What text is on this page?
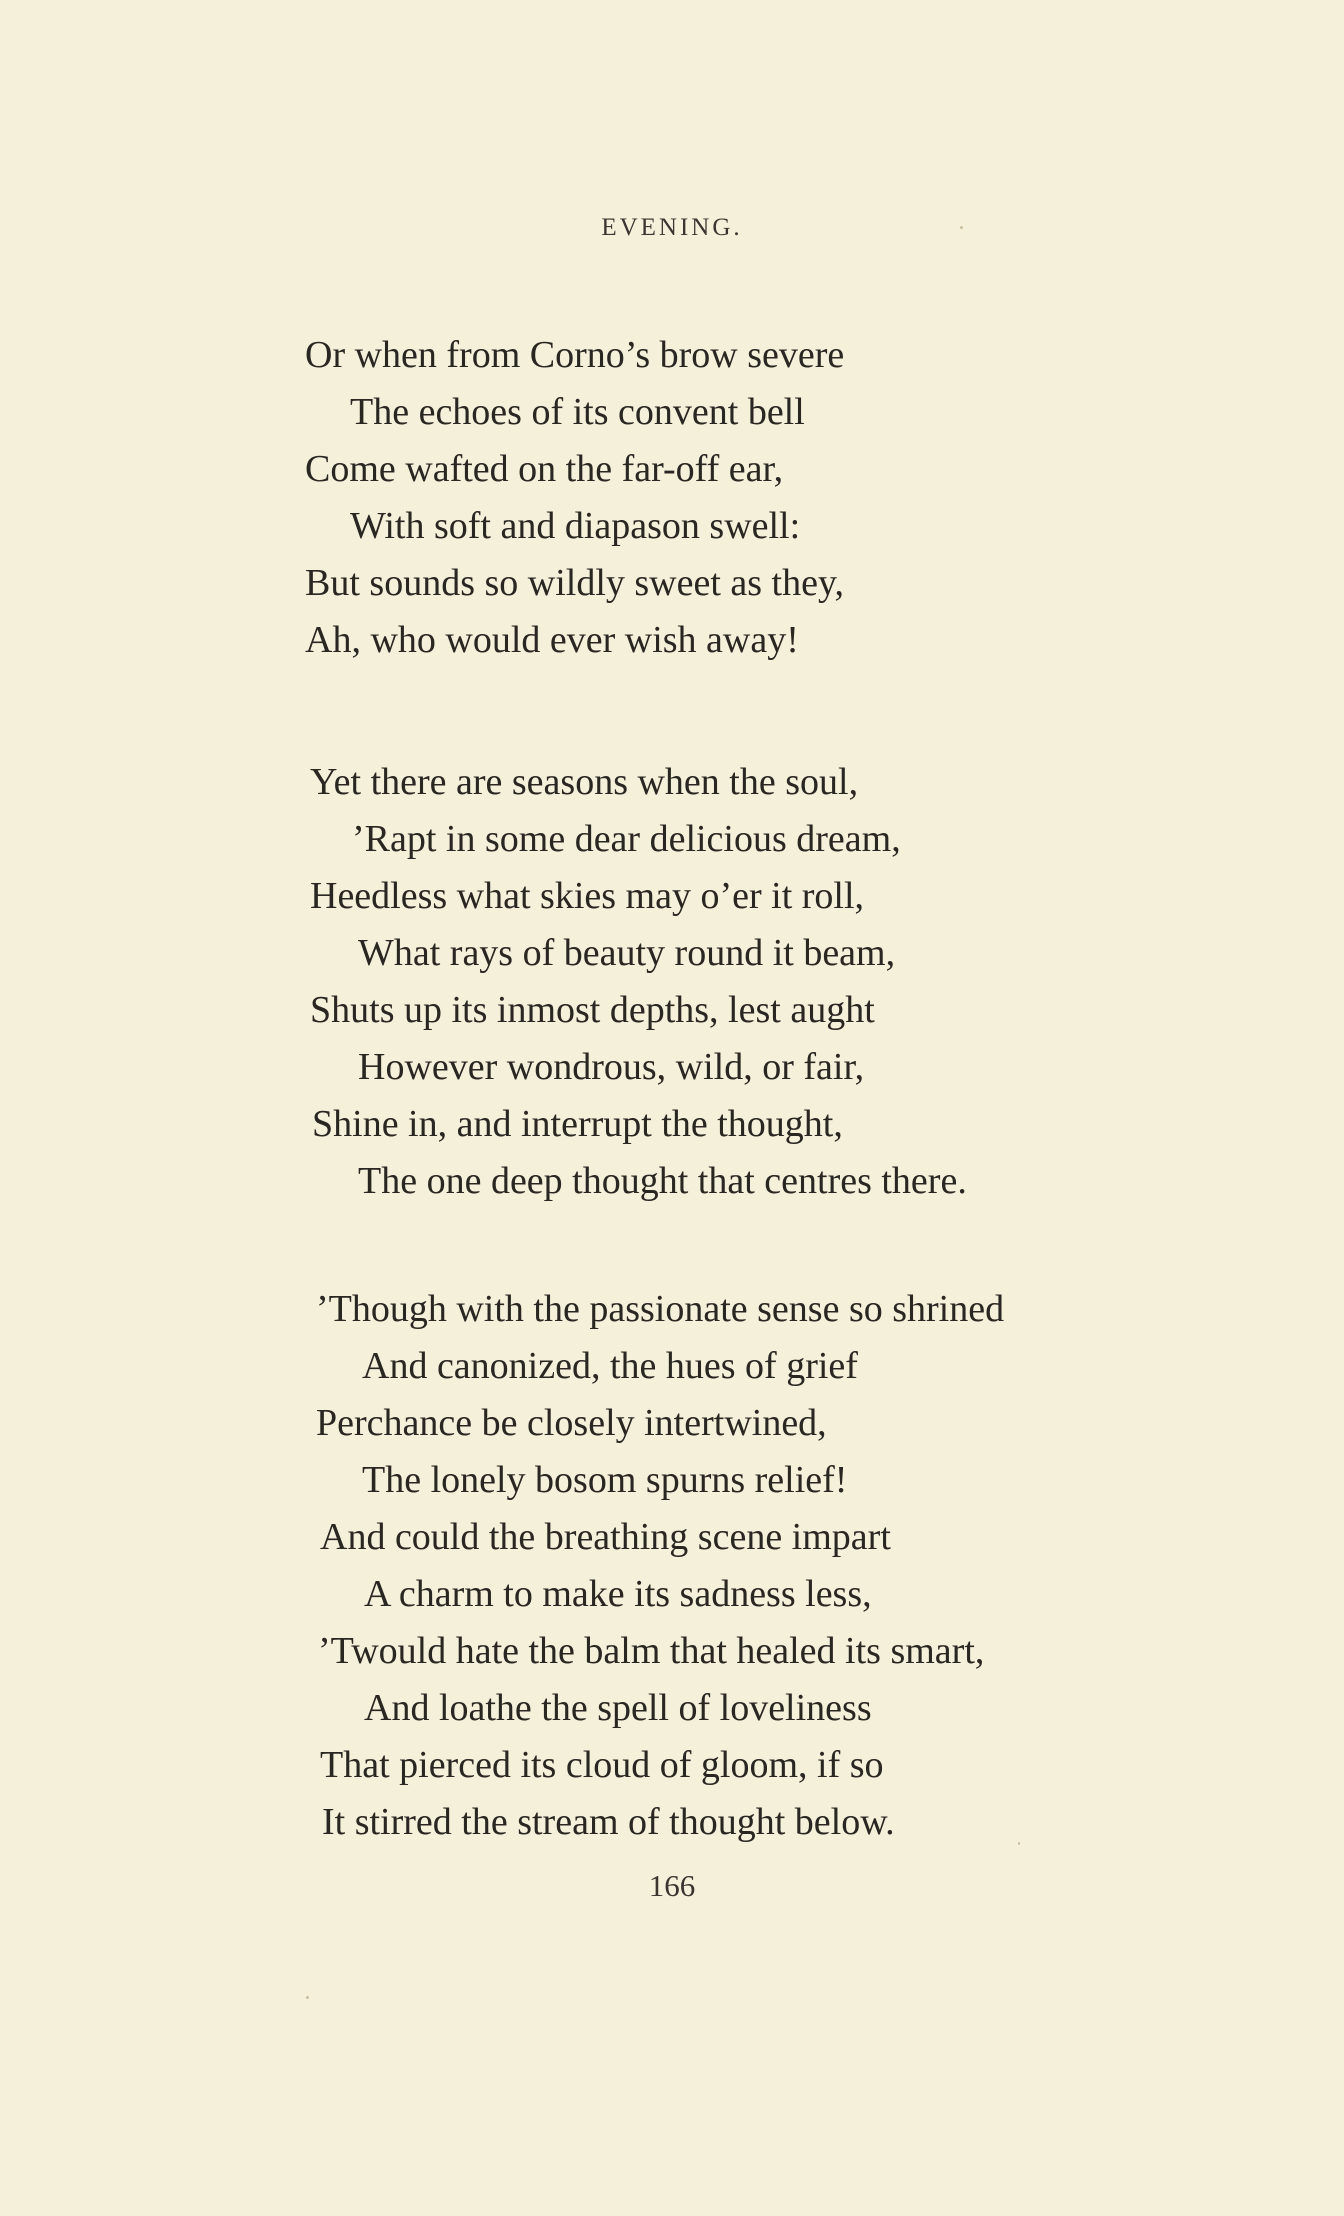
EVENING.
Or when from Corno’s brow severe
The echoes of its convent bell
Come wafted on the far-off ear,
With soft and diapason swell:
But sounds so wildly sweet as they,
Ah, who would ever wish away!
Yet there are seasons when the soul,
’Rapt in some dear delicious dream,
Heedless what skies may o’er it roll,
What rays of beauty round it beam,
Shuts up its inmost depths, lest aught
However wondrous, wild, or fair,
Shine in, and interrupt the thought,
The one deep thought that centres there.
’Though with the passionate sense so shrined
And canonized, the hues of grief
Perchance be closely intertwined,
The lonely bosom spurns relief!
And could the breathing scene impart
A charm to make its sadness less,
’Twould hate the balm that healed its smart,
And loathe the spell of loveliness
That pierced its cloud of gloom, if so
It stirred the stream of thought below.
166
